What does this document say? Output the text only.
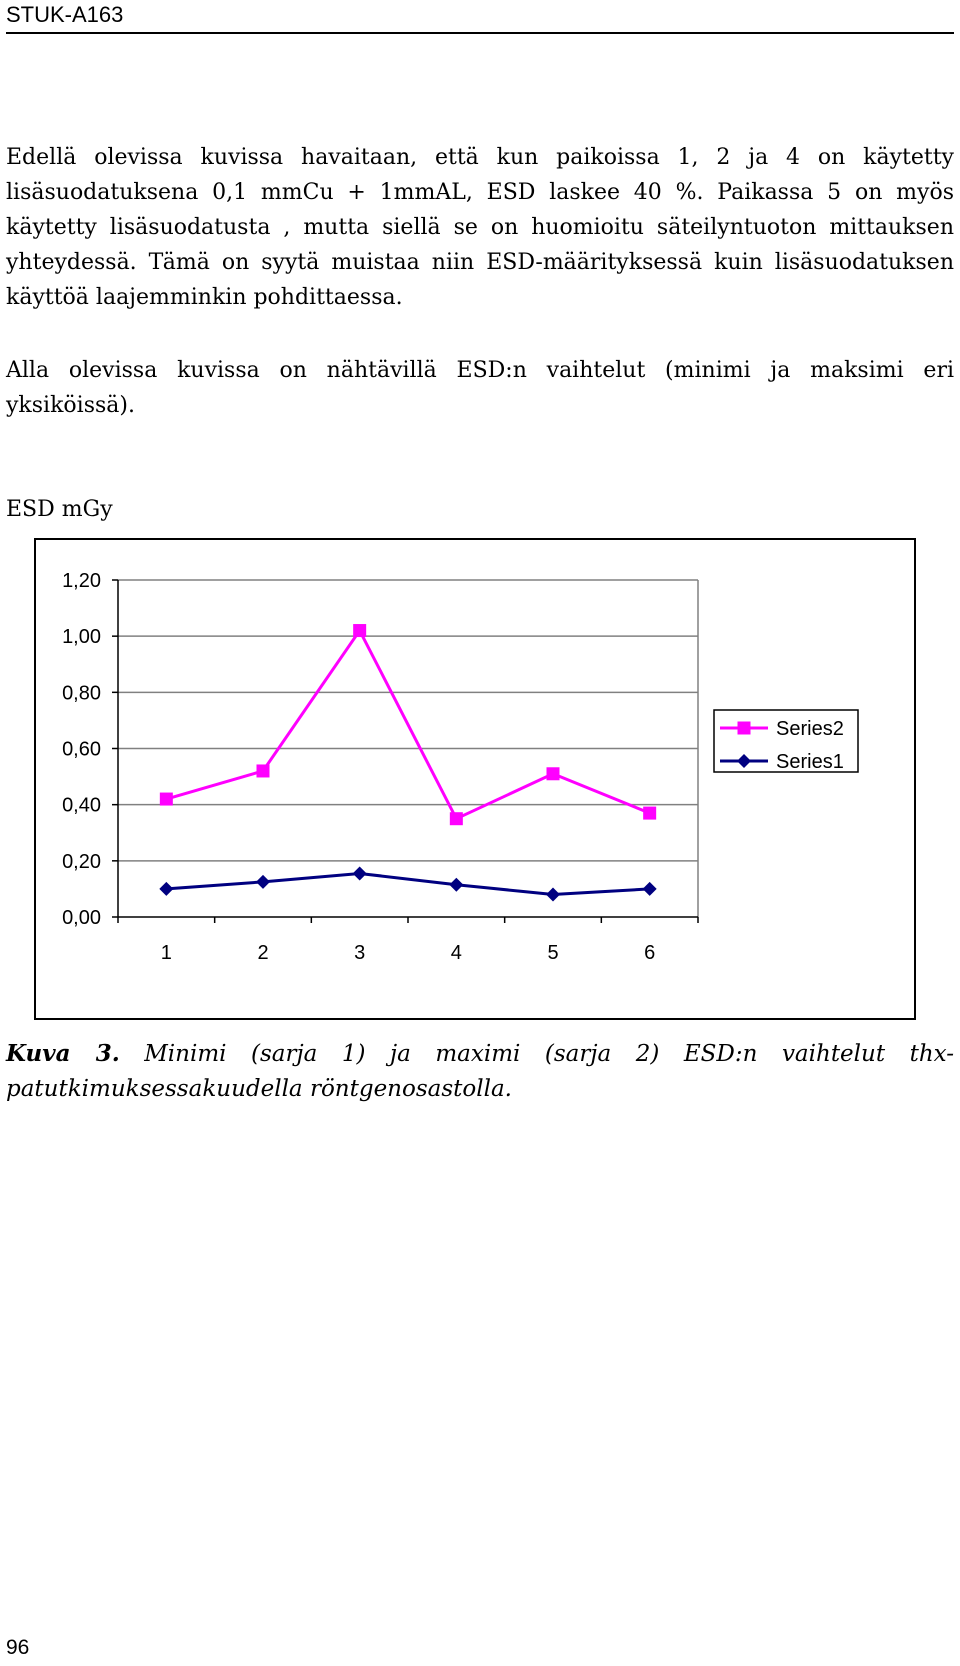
STUK-A163

Edellä olevissa kuvissa havaitaan, että kun paikoissa 1, 2 ja 4 on käytetty lisäsuodatuksena 0,1 mmCu + 1mmAL, ESD laskee 40 %. Paikassa 5 on myös käytetty lisäsuodatusta , mutta siellä se on huomioitu säteilyntuoton mittauksen yhteydessä. Tämä on syytä muistaa niin ESD-määrityksessä kuin lisäsuodatuksen käyttöä laajemminkin pohdittaessa.

Alla olevissa kuvissa on nähtävillä ESD:n vaihtelut (minimi ja maksimi eri yksiköissä).

ESD mGy
0,00
0,20
0,40
0,60
0,80
1,00
1,20
1	2	3	4	5	6
Series2
Series1

Kuva 3. Minimi (sarja 1) ja maximi (sarja 2) ESD:n vaihtelut thx-patutkimuksessakuudella röntgenosastolla.

96
